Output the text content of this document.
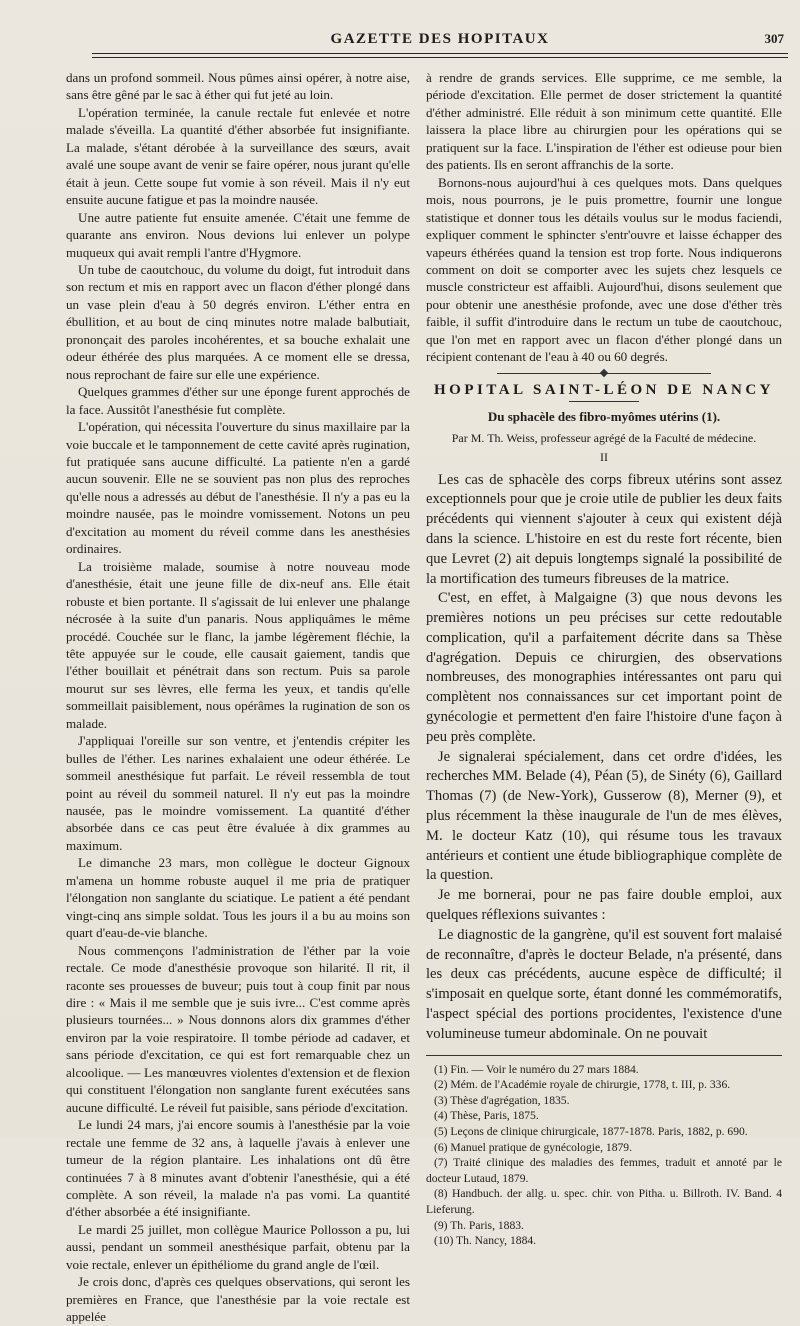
GAZETTE DES HOPITAUX	307

dans un profond sommeil. Nous pûmes ainsi opérer, à notre aise, sans être gêné par le sac à éther qui fut jeté au loin.

L'opération terminée, la canule rectale fut enlevée et notre malade s'éveilla. La quantité d'éther absorbée fut insignifiante. La malade, s'étant dérobée à la surveillance des sœurs, avait avalé une soupe avant de venir se faire opérer, nous jurant qu'elle était à jeun. Cette soupe fut vomie à son réveil. Mais il n'y eut ensuite aucune fatigue et pas la moindre nausée.

Une autre patiente fut ensuite amenée. C'était une femme de quarante ans environ. Nous devions lui enlever un polype muqueux qui avait rempli l'antre d'Hygmore.

Un tube de caoutchouc, du volume du doigt, fut introduit dans son rectum et mis en rapport avec un flacon d'éther plongé dans un vase plein d'eau à 50 degrés environ. L'éther entra en ébullition, et au bout de cinq minutes notre malade balbutiait, prononçait des paroles incohérentes, et sa bouche exhalait une odeur éthérée des plus marquées. A ce moment elle se dressa, nous reprochant de faire sur elle une expérience.

Quelques grammes d'éther sur une éponge furent approchés de la face. Aussitôt l'anesthésie fut complète.

L'opération, qui nécessita l'ouverture du sinus maxillaire par la voie buccale et le tamponnement de cette cavité après rugination, fut pratiquée sans aucune difficulté. La patiente n'en a gardé aucun souvenir. Elle ne se souvient pas non plus des reproches qu'elle nous a adressés au début de l'anesthésie. Il n'y a pas eu la moindre nausée, pas le moindre vomissement. Notons un peu d'excitation au moment du réveil comme dans les anesthésies ordinaires.

La troisième malade, soumise à notre nouveau mode d'anesthésie, était une jeune fille de dix-neuf ans. Elle était robuste et bien portante. Il s'agissait de lui enlever une phalange nécrosée à la suite d'un panaris. Nous appliquâmes le même procédé. Couchée sur le flanc, la jambe légèrement fléchie, la tête appuyée sur le coude, elle causait gaiement, tandis que l'éther bouillait et pénétrait dans son rectum. Puis sa parole mourut sur ses lèvres, elle ferma les yeux, et tandis qu'elle sommeillait paisiblement, nous opérâmes la rugination de son os malade.

J'appliquai l'oreille sur son ventre, et j'entendis crépiter les bulles de l'éther. Les narines exhalaient une odeur éthérée. Le sommeil anesthésique fut parfait. Le réveil ressembla de tout point au réveil du sommeil naturel. Il n'y eut pas la moindre nausée, pas le moindre vomissement. La quantité d'éther absorbée dans ce cas peut être évaluée à dix grammes au maximum.

Le dimanche 23 mars, mon collègue le docteur Gignoux m'amena un homme robuste auquel il me pria de pratiquer l'élongation non sanglante du sciatique. Le patient a été pendant vingt-cinq ans simple soldat. Tous les jours il a bu au moins son quart d'eau-de-vie blanche.

Nous commençons l'administration de l'éther par la voie rectale. Ce mode d'anesthésie provoque son hilarité. Il rit, il raconte ses prouesses de buveur; puis tout à coup finit par nous dire : « Mais il me semble que je suis ivre... C'est comme après plusieurs tournées... » Nous donnons alors dix grammes d'éther environ par la voie respiratoire. Il tombe période ad cadaver, et sans période d'excitation, ce qui est fort remarquable chez un alcoolique. — Les manœuvres violentes d'extension et de flexion qui constituent l'élongation non sanglante furent exécutées sans aucune difficulté. Le réveil fut paisible, sans période d'excitation.

Le lundi 24 mars, j'ai encore soumis à l'anesthésie par la voie rectale une femme de 32 ans, à laquelle j'avais à enlever une tumeur de la région plantaire. Les inhalations ont dû être continuées 7 à 8 minutes avant d'obtenir l'anesthésie, qui a été complète. A son réveil, la malade n'a pas vomi. La quantité d'éther absorbée a été insignifiante.

Le mardi 25 juillet, mon collègue Maurice Pollosson a pu, lui aussi, pendant un sommeil anesthésique parfait, obtenu par la voie rectale, enlever un épithéliome du grand angle de l'œil.

Je crois donc, d'après ces quelques observations, qui seront les premières en France, que l'anesthésie par la voie rectale est appelée

à rendre de grands services. Elle supprime, ce me semble, la période d'excitation. Elle permet de doser strictement la quantité d'éther administré. Elle réduit à son minimum cette quantité. Elle laissera la place libre au chirurgien pour les opérations qui se pratiquent sur la face. L'inspiration de l'éther est odieuse pour bien des patients. Ils en seront affranchis de la sorte.

Bornons-nous aujourd'hui à ces quelques mots. Dans quelques mois, nous pourrons, je le puis promettre, fournir une longue statistique et donner tous les détails voulus sur le modus faciendi, expliquer comment le sphincter s'entr'ouvre et laisse échapper des vapeurs éthérées quand la tension est trop forte. Nous indiquerons comment on doit se comporter avec les sujets chez lesquels ce muscle constricteur est affaibli. Aujourd'hui, disons seulement que pour obtenir une anesthésie profonde, avec une dose d'éther très faible, il suffit d'introduire dans le rectum un tube de caoutchouc, que l'on met en rapport avec un flacon d'éther plongé dans un récipient contenant de l'eau à 40 ou 60 degrés.

HOPITAL SAINT-LÉON DE NANCY
Du sphacèle des fibro-myômes utérins (1).
Par M. Th. Weiss, professeur agrégé de la Faculté de médecine.
II

Les cas de sphacèle des corps fibreux utérins sont assez exceptionnels pour que je croie utile de publier les deux faits précédents qui viennent s'ajouter à ceux qui existent déjà dans la science. L'histoire en est du reste fort récente, bien que Levret (2) ait depuis longtemps signalé la possibilité de la mortification des tumeurs fibreuses de la matrice.

C'est, en effet, à Malgaigne (3) que nous devons les premières notions un peu précises sur cette redoutable complication, qu'il a parfaitement décrite dans sa Thèse d'agrégation. Depuis ce chirurgien, des observations nombreuses, des monographies intéressantes ont paru qui complètent nos connaissances sur cet important point de gynécologie et permettent d'en faire l'histoire d'une façon à peu près complète.

Je signalerai spécialement, dans cet ordre d'idées, les recherches MM. Belade (4), Péan (5), de Sinéty (6), Gaillard Thomas (7) (de New-York), Gusserow (8), Merner (9), et plus récemment la thèse inaugurale de l'un de mes élèves, M. le docteur Katz (10), qui résume tous les travaux antérieurs et contient une étude bibliographique complète de la question.

Je me bornerai, pour ne pas faire double emploi, aux quelques réflexions suivantes :

Le diagnostic de la gangrène, qu'il est souvent fort malaisé de reconnaître, d'après le docteur Belade, n'a présenté, dans les deux cas précédents, aucune espèce de difficulté; il s'imposait en quelque sorte, étant donné les commémoratifs, l'aspect spécial des portions procidentes, l'existence d'une volumineuse tumeur abdominale. On ne pouvait

(1) Fin. — Voir le numéro du 27 mars 1884.
(2) Mém. de l'Académie royale de chirurgie, 1778, t. III, p. 336.
(3) Thèse d'agrégation, 1835.
(4) Thèse, Paris, 1875.
(5) Leçons de clinique chirurgicale, 1877-1878. Paris, 1882, p. 690.
(6) Manuel pratique de gynécologie, 1879.
(7) Traité clinique des maladies des femmes, traduit et annoté par le docteur Lutaud, 1879.
(8) Handbuch. der allg. u. spec. chir. von Pitha. u. Billroth. IV. Band. 4 Lieferung.
(9) Th. Paris, 1883.
(10) Th. Nancy, 1884.
